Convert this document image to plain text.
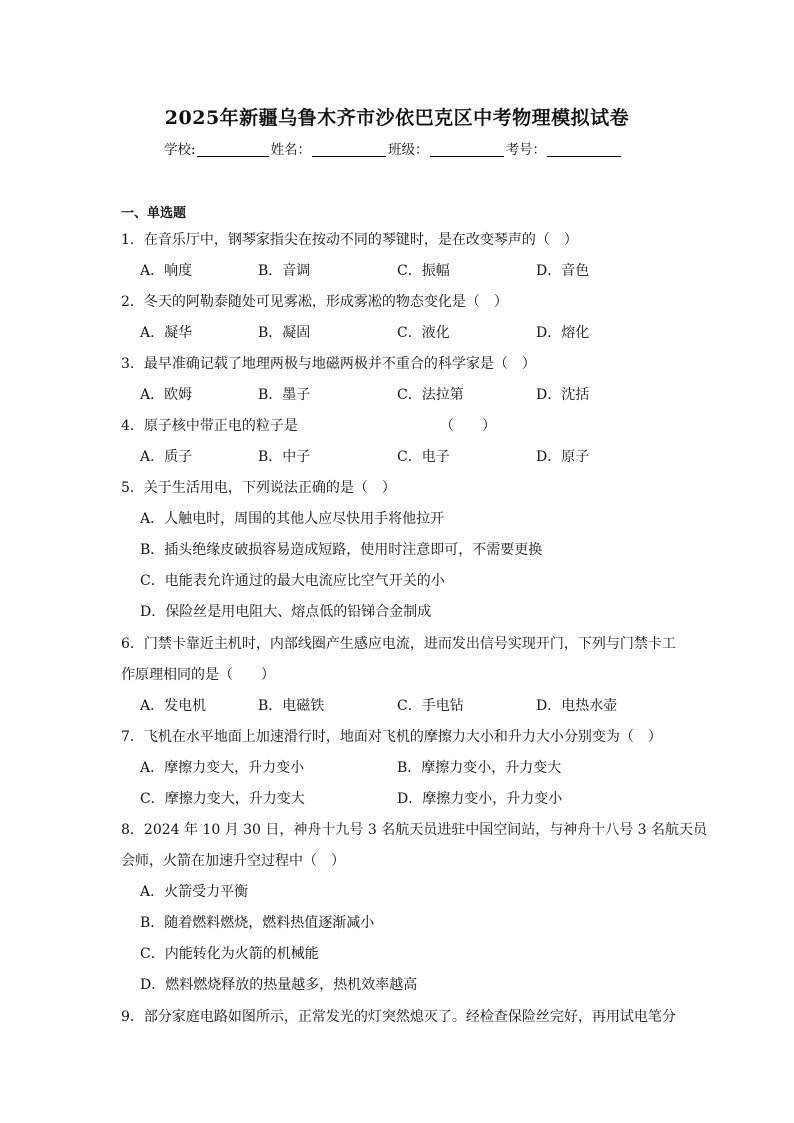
2025年新疆乌鲁木齐市沙依巴克区中考物理模拟试卷
学校:	姓名：	班级：	考号：
一、单选题
1．在音乐厅中，钢琴家指尖在按动不同的琴键时，是在改变琴声的（　）
A．响度	B．音调	C．振幅	D．音色
2．冬天的阿勒泰随处可见雾凇，形成雾凇的物态变化是（　）
A．凝华	B．凝固	C．液化	D．熔化
3．最早准确记载了地理两极与地磁两极并不重合的科学家是（　）
A．欧姆	B．墨子	C．法拉第	D．沈括
4．原子核中带正电的粒子是	（　　）
A．质子	B．中子	C．电子	D．原子
5．关于生活用电，下列说法正确的是（　）
A．人触电时，周围的其他人应尽快用手将他拉开
B．插头绝缘皮破损容易造成短路，使用时注意即可，不需要更换
C．电能表允许通过的最大电流应比空气开关的小
D．保险丝是用电阻大、熔点低的铅锑合金制成
6．门禁卡靠近主机时，内部线圈产生感应电流，进而发出信号实现开门，下列与门禁卡工
作原理相同的是（　　）
A．发电机	B．电磁铁	C．手电钻	D．电热水壶
7．飞机在水平地面上加速滑行时，地面对飞机的摩擦力大小和升力大小分别变为（　）
A．摩擦力变大，升力变小	B．摩擦力变小，升力变大
C．摩擦力变大，升力变大	D．摩擦力变小，升力变小
8．2024 年 10 月 30 日，神舟十九号 3 名航天员进驻中国空间站，与神舟十八号 3 名航天员
会师，火箭在加速升空过程中（　）
A．火箭受力平衡
B．随着燃料燃烧，燃料热值逐渐减小
C．内能转化为火箭的机械能
D．燃料燃烧释放的热量越多，热机效率越高
9．部分家庭电路如图所示，正常发光的灯突然熄灭了。经检查保险丝完好，再用试电笔分
